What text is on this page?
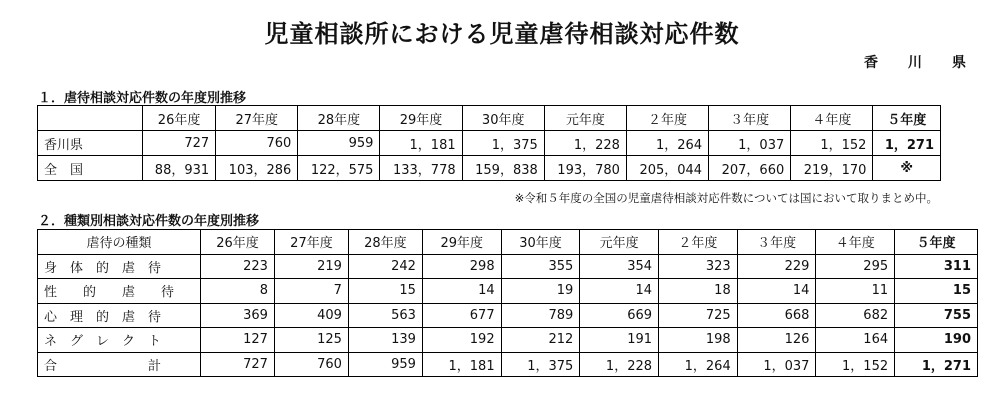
児童相談所における児童虐待相談対応件数
香　川　県
１．虐待相談対応件数の年度別推移
	26年度	27年度	28年度	29年度	30年度	元年度	２年度	３年度	４年度	５年度
香川県	727	760	959	1，181	1，375	1，228	1，264	1，037	1，152	1，271
全　国	88，931	103，286	122，575	133，778	159，838	193，780	205，044	207，660	219，170	※
※令和５年度の全国の児童虐待相談対応件数については国において取りまとめ中。
２．種類別相談対応件数の年度別推移
虐待の種類	26年度	27年度	28年度	29年度	30年度	元年度	２年度	３年度	４年度	５年度
身　体　的　虐　待	223	219	242	298	355	354	323	229	295	311
性　　的　　虐　　待	8	7	15	14	19	14	18	14	11	15
心　理　的　虐　待	369	409	563	677	789	669	725	668	682	755
ネ　グ　レ　ク　ト	127	125	139	192	212	191	198	126	164	190
合　　　　　　　計	727	760	959	1，181	1，375	1，228	1，264	1，037	1，152	1，271
